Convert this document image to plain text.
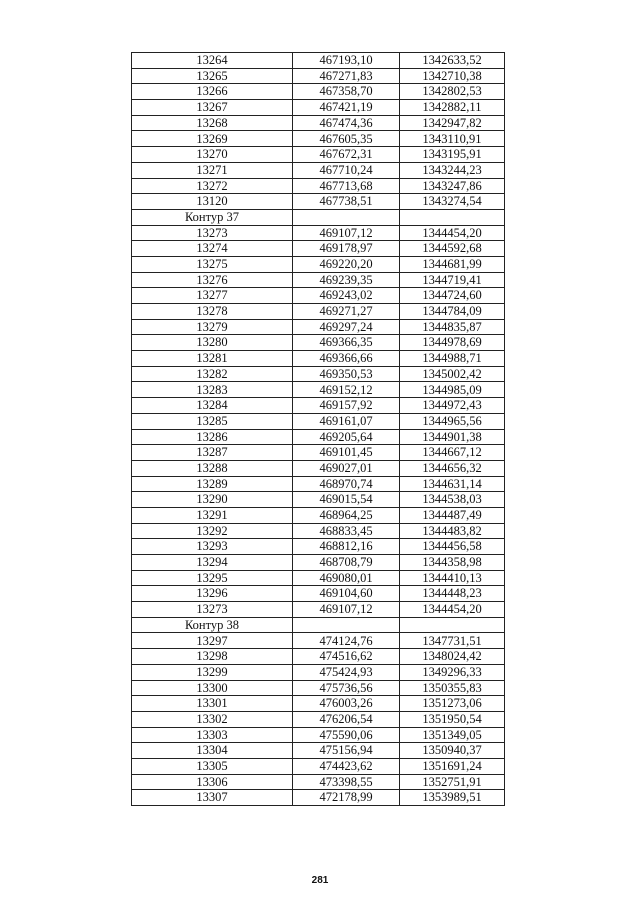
13264	467193,10	1342633,52
13265	467271,83	1342710,38
13266	467358,70	1342802,53
13267	467421,19	1342882,11
13268	467474,36	1342947,82
13269	467605,35	1343110,91
13270	467672,31	1343195,91
13271	467710,24	1343244,23
13272	467713,68	1343247,86
13120	467738,51	1343274,54
Контур 37		
13273	469107,12	1344454,20
13274	469178,97	1344592,68
13275	469220,20	1344681,99
13276	469239,35	1344719,41
13277	469243,02	1344724,60
13278	469271,27	1344784,09
13279	469297,24	1344835,87
13280	469366,35	1344978,69
13281	469366,66	1344988,71
13282	469350,53	1345002,42
13283	469152,12	1344985,09
13284	469157,92	1344972,43
13285	469161,07	1344965,56
13286	469205,64	1344901,38
13287	469101,45	1344667,12
13288	469027,01	1344656,32
13289	468970,74	1344631,14
13290	469015,54	1344538,03
13291	468964,25	1344487,49
13292	468833,45	1344483,82
13293	468812,16	1344456,58
13294	468708,79	1344358,98
13295	469080,01	1344410,13
13296	469104,60	1344448,23
13273	469107,12	1344454,20
Контур 38		
13297	474124,76	1347731,51
13298	474516,62	1348024,42
13299	475424,93	1349296,33
13300	475736,56	1350355,83
13301	476003,26	1351273,06
13302	476206,54	1351950,54
13303	475590,06	1351349,05
13304	475156,94	1350940,37
13305	474423,62	1351691,24
13306	473398,55	1352751,91
13307	472178,99	1353989,51
281
